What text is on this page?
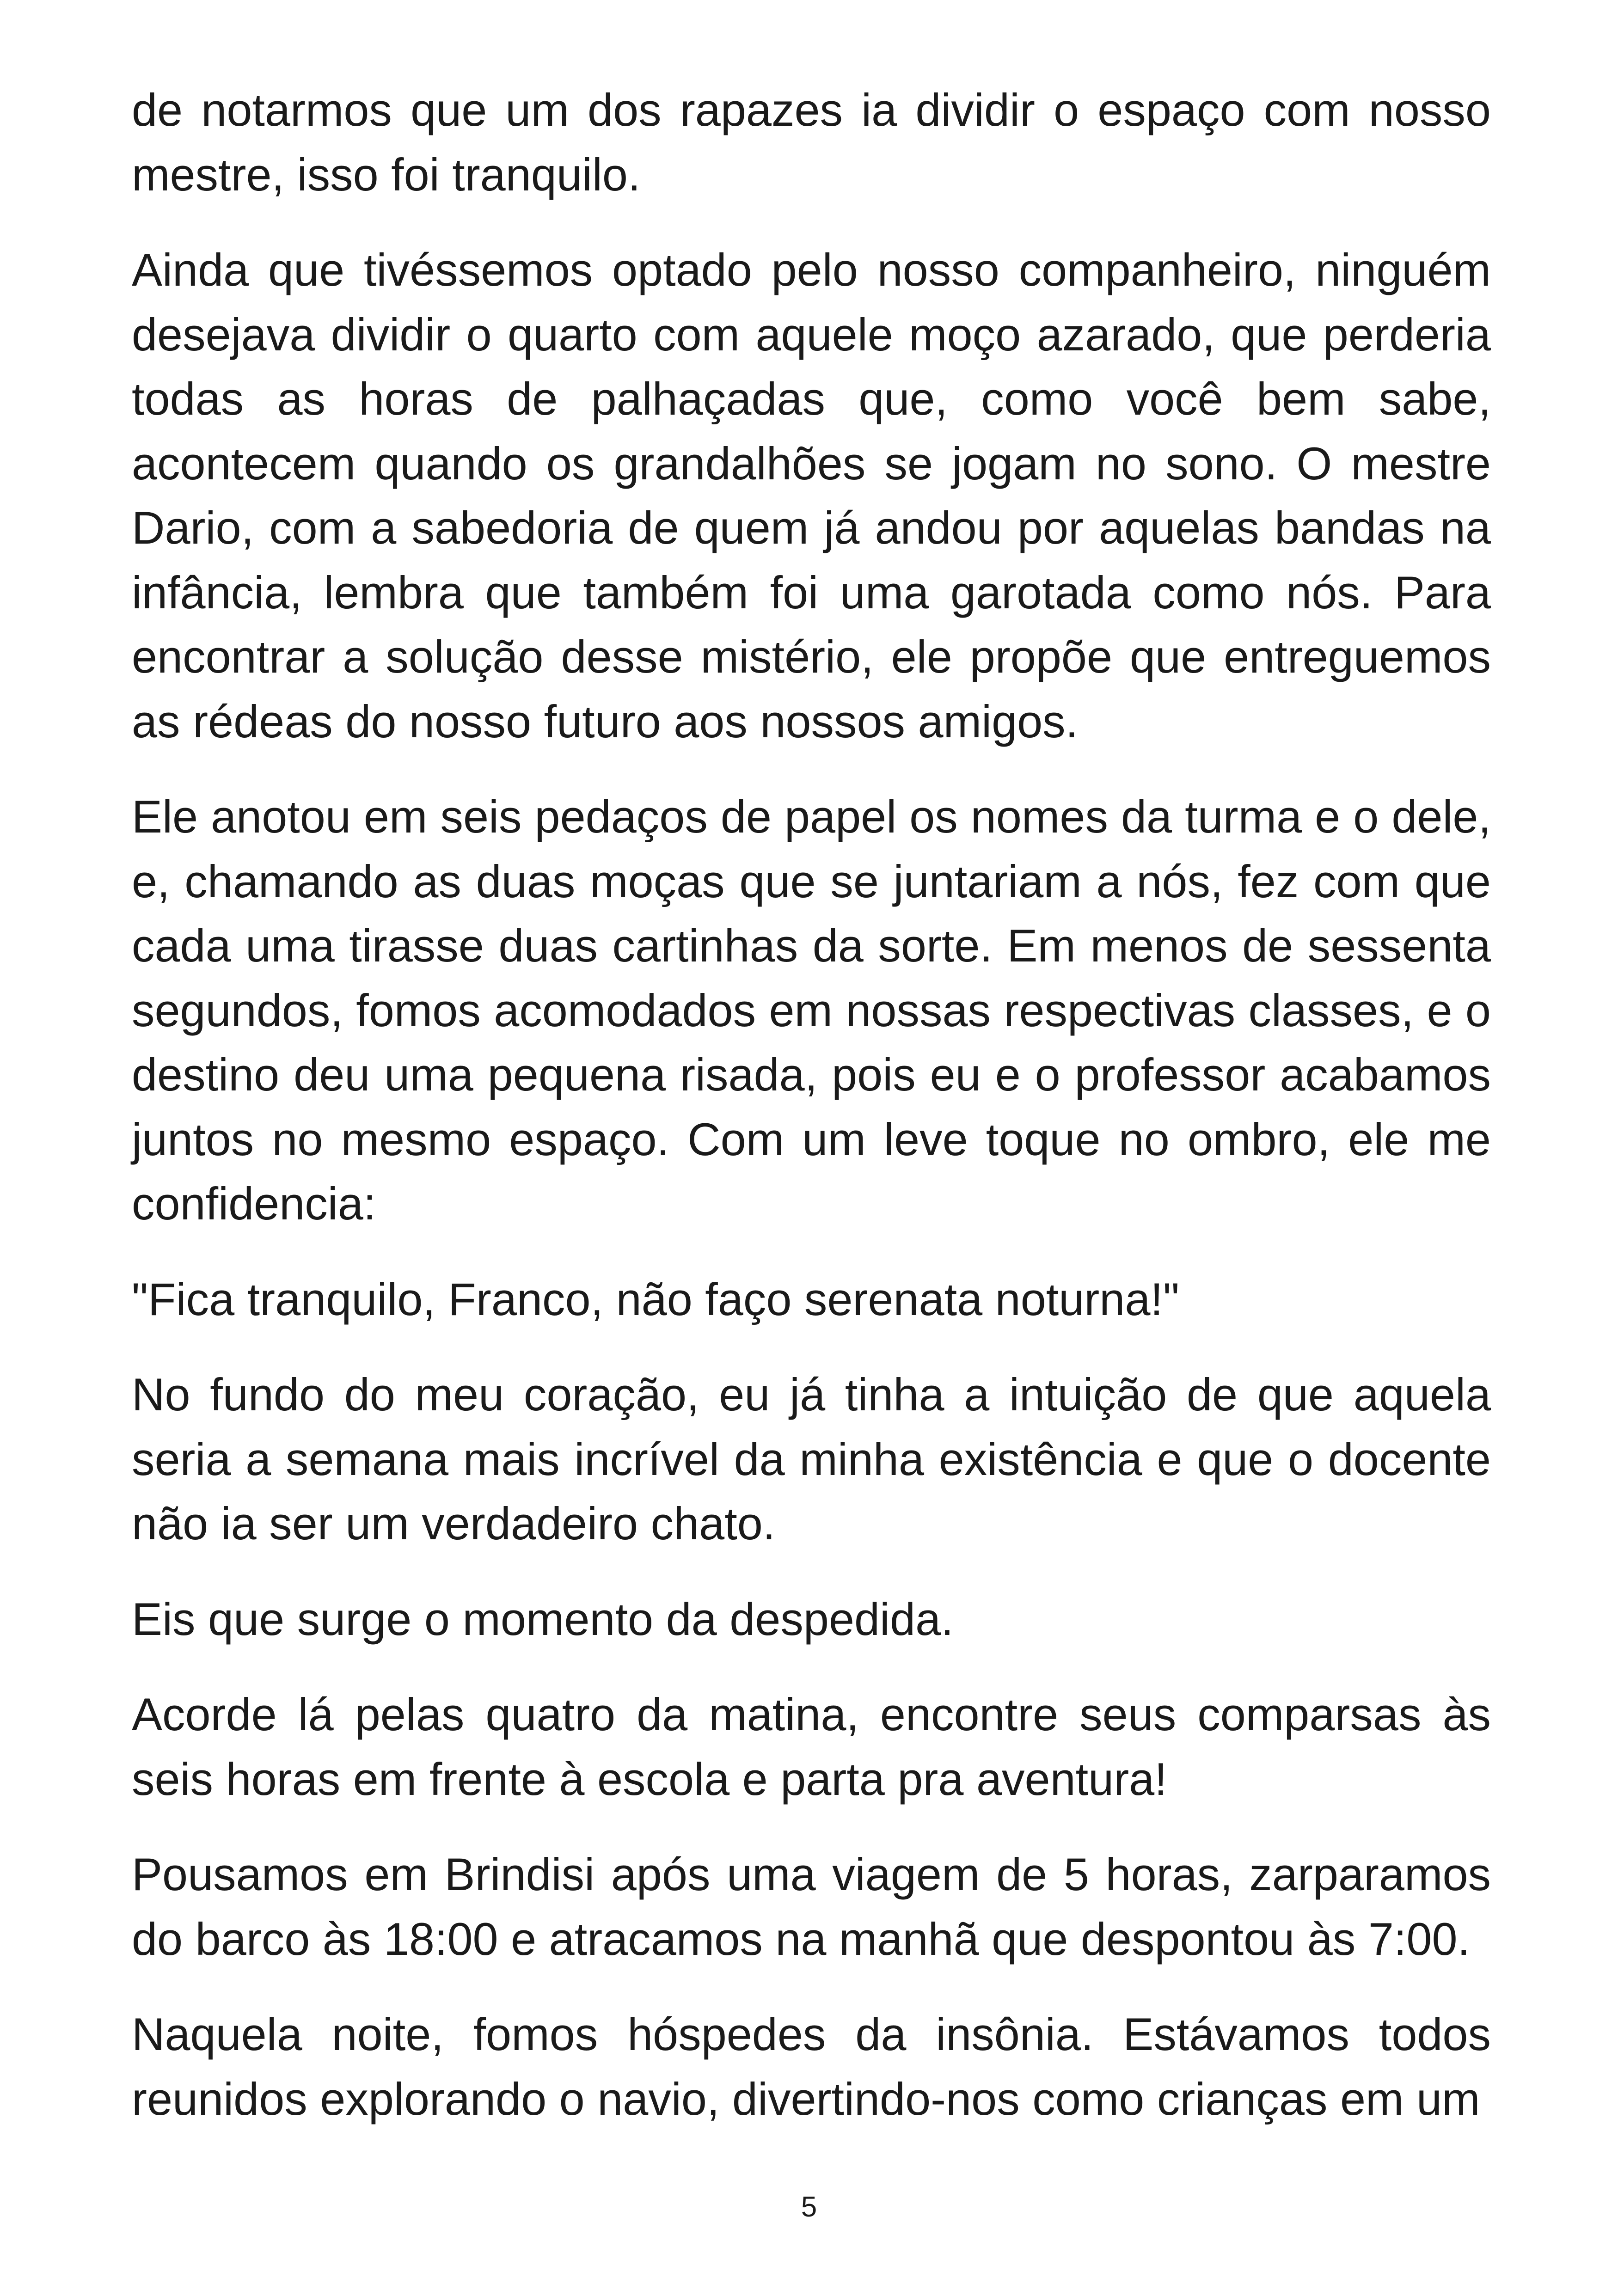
de notarmos que um dos rapazes ia dividir o espaço com nosso mestre, isso foi tranquilo.

Ainda que tivéssemos optado pelo nosso companheiro, ninguém desejava dividir o quarto com aquele moço azarado, que perderia todas as horas de palhaçadas que, como você bem sabe, acontecem quando os grandalhões se jogam no sono. O mestre Dario, com a sabedoria de quem já andou por aquelas bandas na infância, lembra que também foi uma garotada como nós. Para encontrar a solução desse mistério, ele propõe que entreguemos as rédeas do nosso futuro aos nossos amigos.

Ele anotou em seis pedaços de papel os nomes da turma e o dele, e, chamando as duas moças que se juntariam a nós, fez com que cada uma tirasse duas cartinhas da sorte. Em menos de sessenta segundos, fomos acomodados em nossas respectivas classes, e o destino deu uma pequena risada, pois eu e o professor acabamos juntos no mesmo espaço. Com um leve toque no ombro, ele me confidencia:

"Fica tranquilo, Franco, não faço serenata noturna!"

No fundo do meu coração, eu já tinha a intuição de que aquela seria a semana mais incrível da minha existência e que o docente não ia ser um verdadeiro chato.

Eis que surge o momento da despedida.

Acorde lá pelas quatro da matina, encontre seus comparsas às seis horas em frente à escola e parta pra aventura!

Pousamos em Brindisi após uma viagem de 5 horas, zarparamos do barco às 18:00 e atracamos na manhã que despontou às 7:00.

Naquela noite, fomos hóspedes da insônia. Estávamos todos reunidos explorando o navio, divertindo-nos como crianças em um

5
